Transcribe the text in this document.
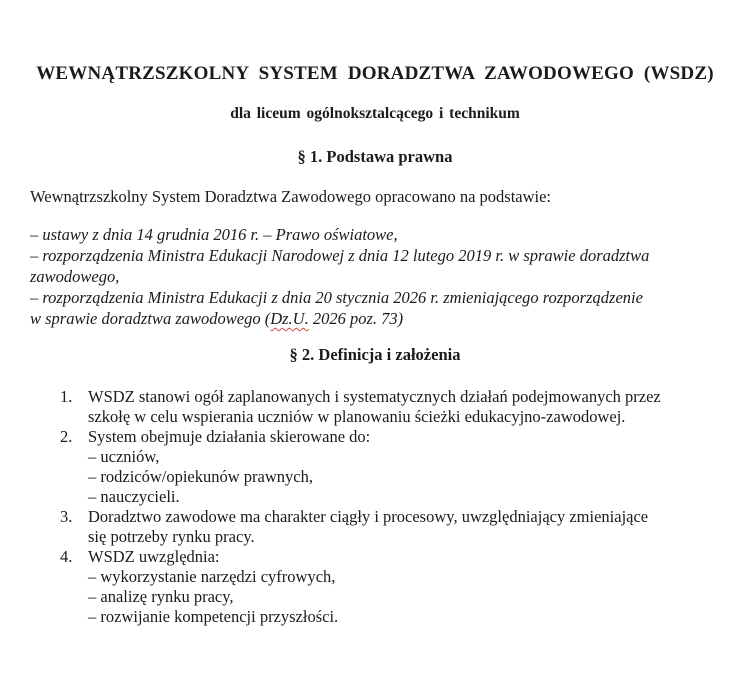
WEWNĄTRZSZKOLNY SYSTEM DORADZTWA ZAWODOWEGO (WSDZ)
dla liceum ogólnoksztalcącego i technikum
§ 1. Podstawa prawna
Wewnątrzszkolny System Doradztwa Zawodowego opracowano na podstawie:
– ustawy z dnia 14 grudnia 2016 r. – Prawo oświatowe,
– rozporządzenia Ministra Edukacji Narodowej z dnia 12 lutego 2019 r. w sprawie doradztwa
zawodowego,
– rozporządzenia Ministra Edukacji z dnia 20 stycznia 2026 r. zmieniającego rozporządzenie
w sprawie doradztwa zawodowego (Dz.U. 2026 poz. 73)
§ 2. Definicja i założenia
1. WSDZ stanowi ogół zaplanowanych i systematycznych działań podejmowanych przez
szkołę w celu wspierania uczniów w planowaniu ścieżki edukacyjno-zawodowej.
2. System obejmuje działania skierowane do:
– uczniów,
– rodziców/opiekunów prawnych,
– nauczycieli.
3. Doradztwo zawodowe ma charakter ciągły i procesowy, uwzględniający zmieniające
się potrzeby rynku pracy.
4. WSDZ uwzględnia:
– wykorzystanie narzędzi cyfrowych,
– analizę rynku pracy,
– rozwijanie kompetencji przyszłości.
